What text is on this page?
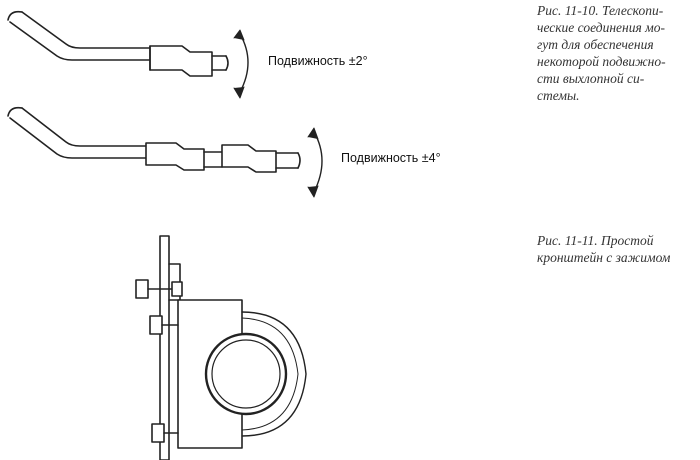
Подвижность ±2°
Подвижность ±4°

Рис. 11-10. Телескопи-
ческие соединения мо-
гут для обеспечения
некоторой подвижно-
сти выхлопной си-
стемы.

Рис. 11-11. Простой
кронштейн с зажимом
